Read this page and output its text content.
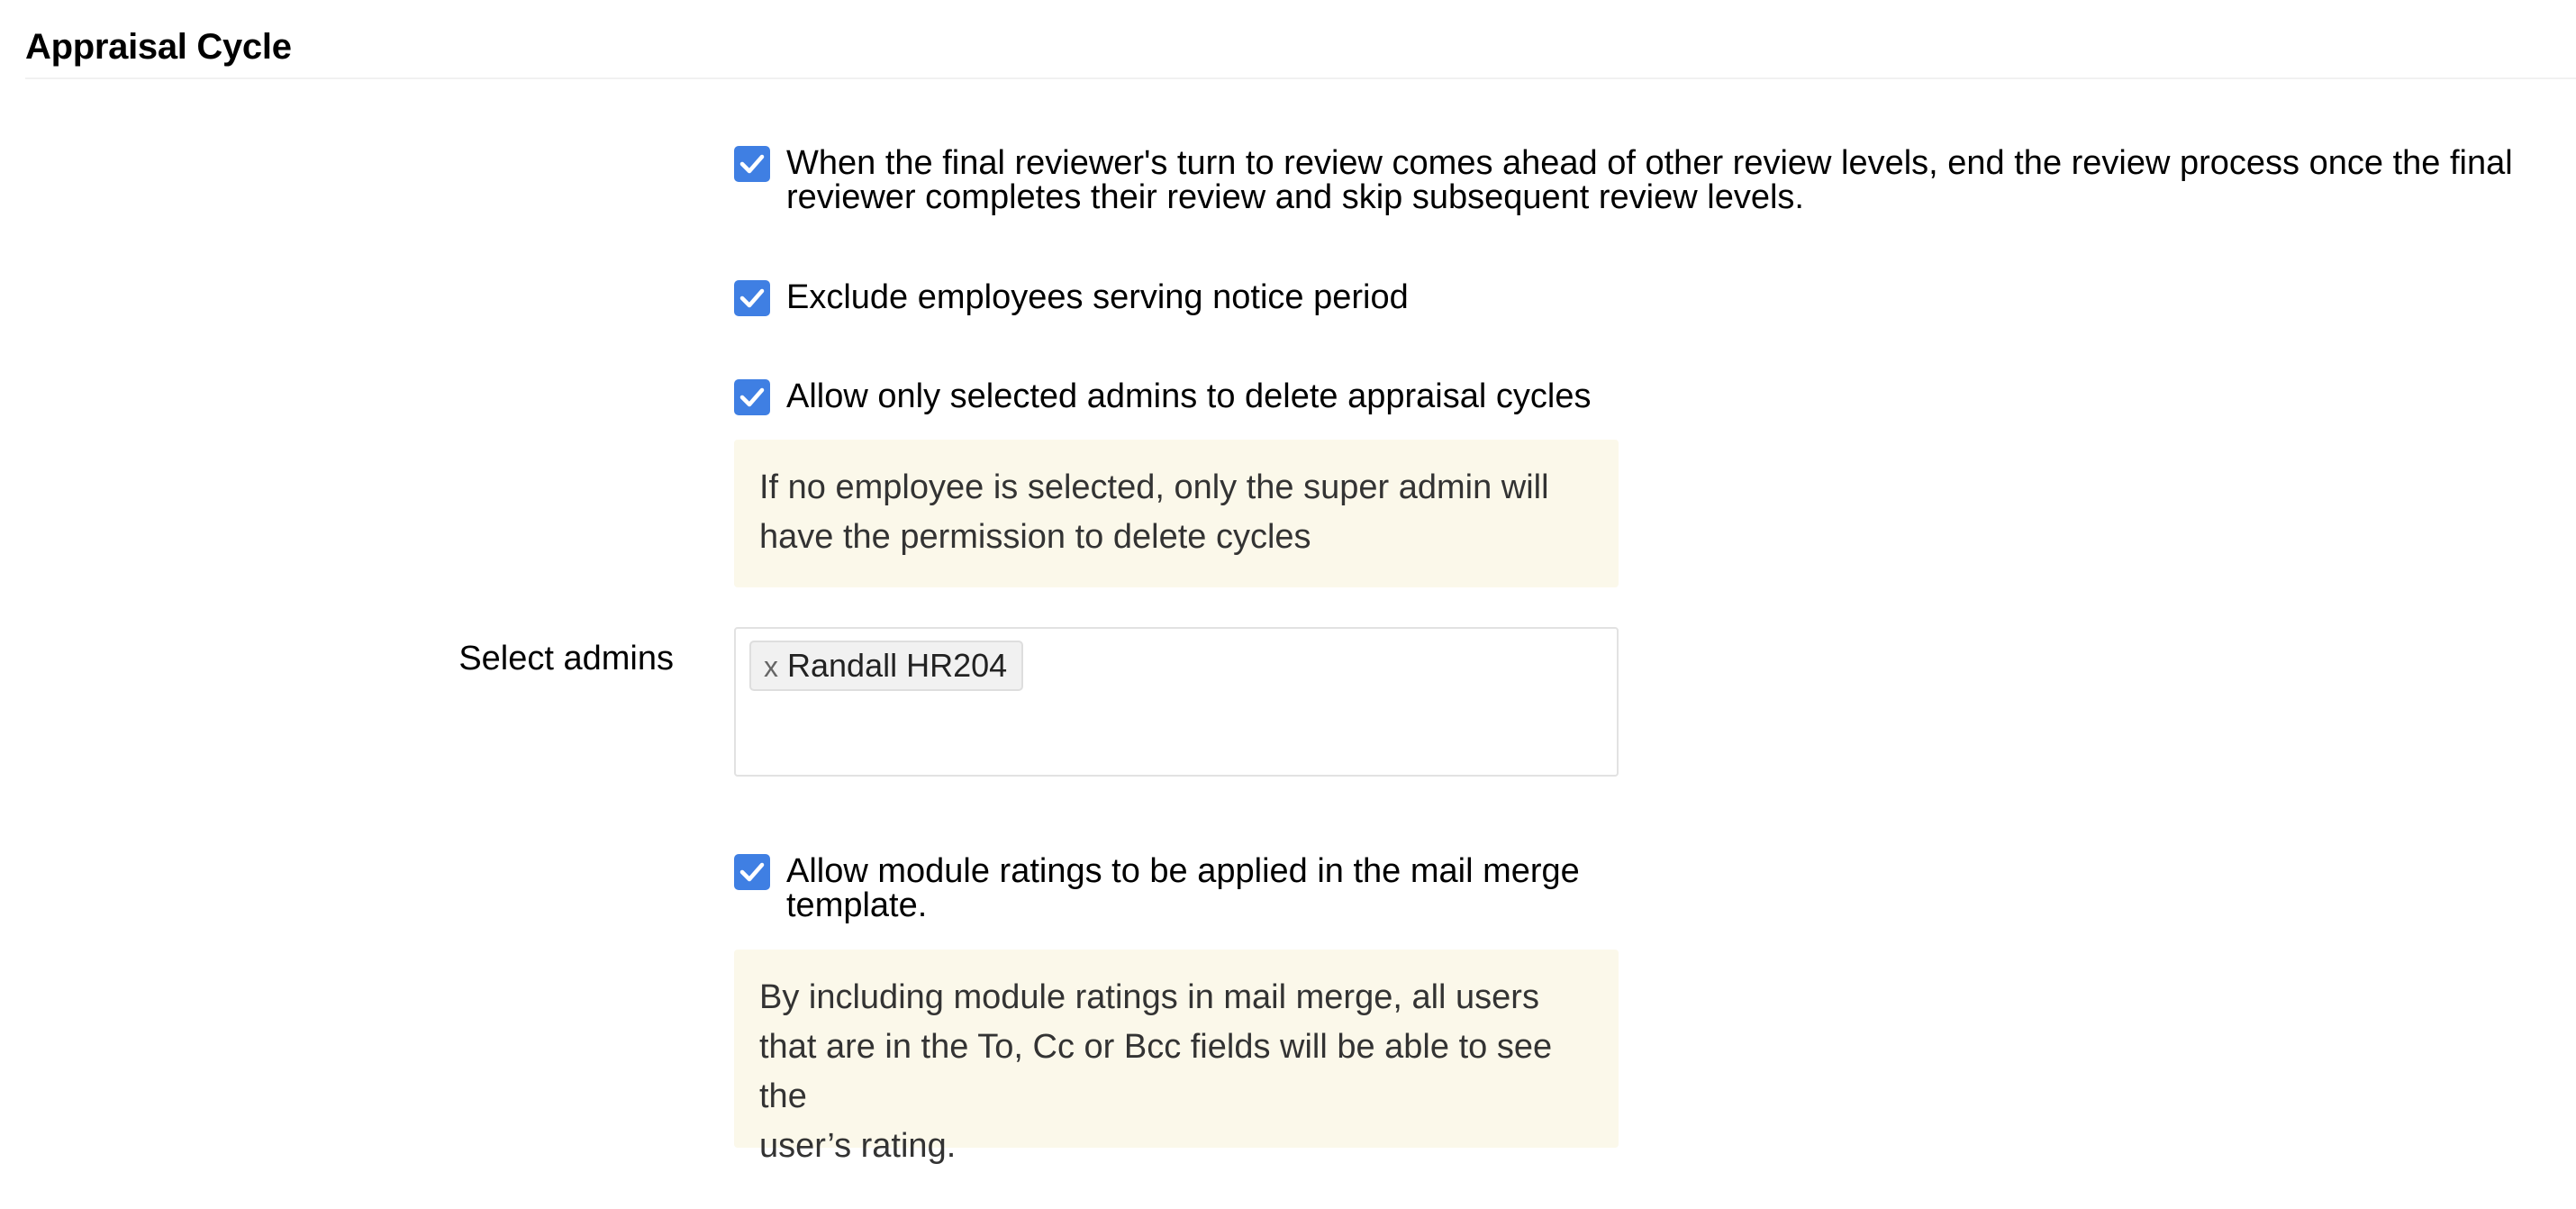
Appraisal Cycle
When the final reviewer's turn to review comes ahead of other review levels, end the review process once the final
reviewer completes their review and skip subsequent review levels.
Exclude employees serving notice period
Allow only selected admins to delete appraisal cycles
If no employee is selected, only the super admin will
have the permission to delete cycles
Select admins	x Randall HR204
Allow module ratings to be applied in the mail merge
template.
By including module ratings in mail merge, all users
that are in the To, Cc or Bcc fields will be able to see the
user’s rating.
